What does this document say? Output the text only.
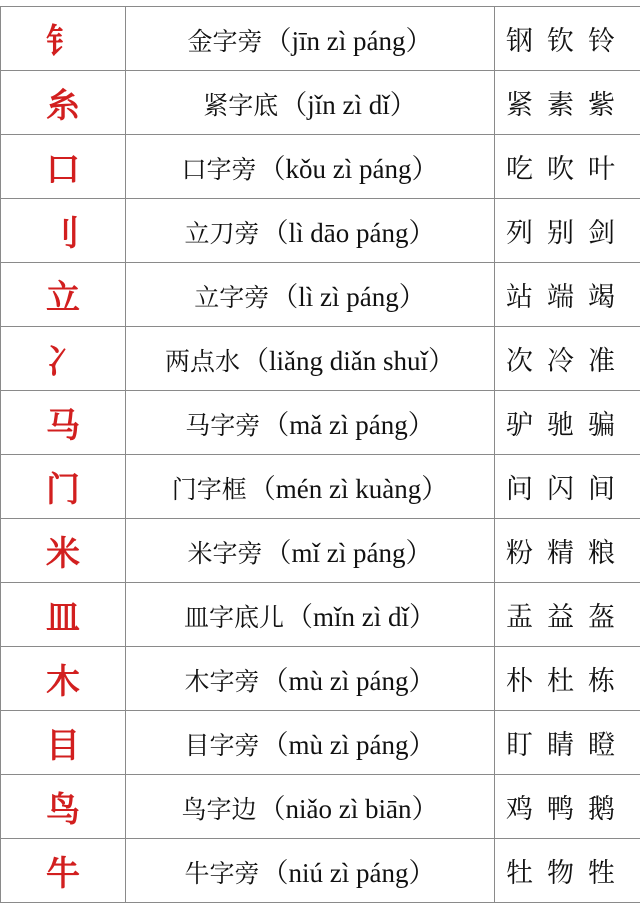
钅	金字旁（jīn zì páng）	钢钦铃
糸	紧字底（jǐn zì dǐ）	紧素紫
口	口字旁（kǒu zì páng）	吃吹叶
刂	立刀旁（lì dāo páng）	列别剑
立	立字旁（lì zì páng）	站端竭
冫	两点水（liǎng diǎn shuǐ）	次冷准
马	马字旁（mǎ zì páng）	驴驰骗
门	门字框（mén zì kuàng）	问闪间
米	米字旁（mǐ zì páng）	粉精粮
皿	皿字底儿（mǐn zì dǐ）	盂益盔
木	木字旁（mù zì páng）	朴杜栋
目	目字旁（mù zì páng）	盯睛瞪
鸟	鸟字边（niǎo zì biān）	鸡鸭鹅
牛	牛字旁（niú zì páng）	牡物牲
